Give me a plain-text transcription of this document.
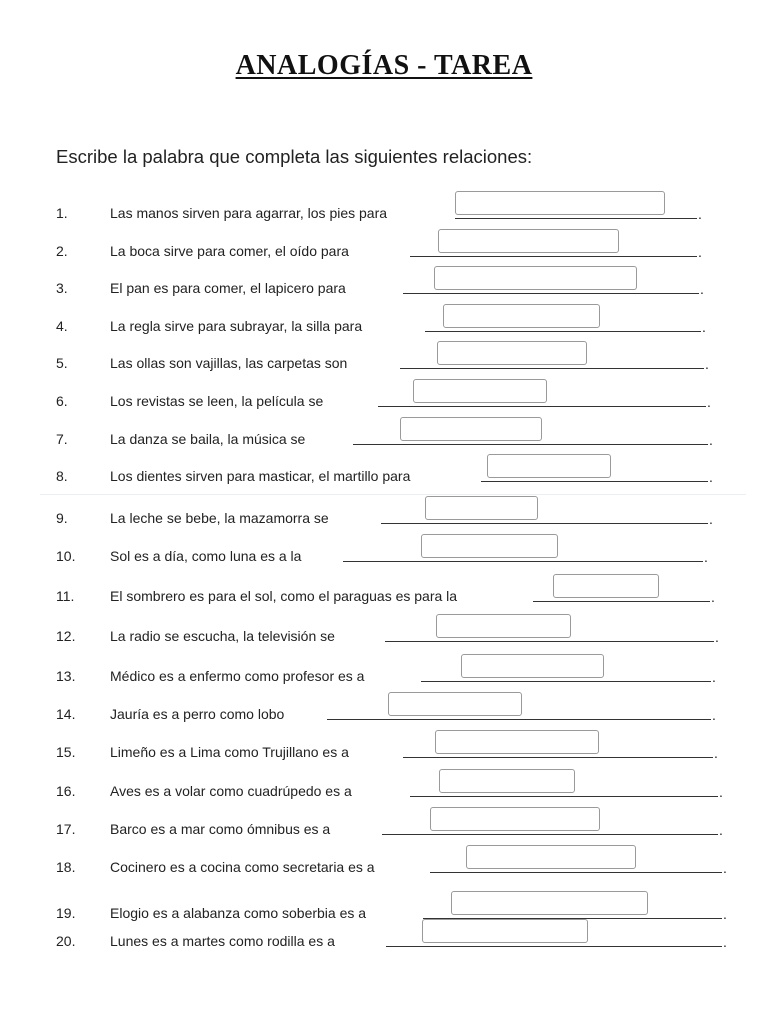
ANALOGÍAS - TAREA
Escribe la palabra que completa las siguientes relaciones:
1.	Las manos sirven para agarrar, los pies para	.
2.	La boca sirve para comer, el oído para	.
3.	El pan es para comer, el lapicero para	.
4.	La regla sirve para subrayar, la silla para	.
5.	Las ollas son vajillas, las carpetas son	.
6.	Los revistas se leen, la película se	.
7.	La danza se baila, la música se	.
8.	Los dientes sirven para masticar, el martillo para	.
9.	La leche se bebe, la mazamorra se	.
10. Sol es a día, como luna es a la	.
11.	El sombrero es para el sol, como el paraguas es para la	.
12. La radio se escucha, la televisión se	.
13. Médico es a enfermo como profesor es a	.
14. Jauría es a perro como lobo	.
15. Limeño es a Lima como Trujillano es a	.
16. Aves es a volar como cuadrúpedo es a	.
17. Barco es a mar como ómnibus es a	.
18. Cocinero es a cocina como secretaria es a	.
19. Elogio es a alabanza como soberbia es a	.
20. Lunes es a martes como rodilla es a	.
